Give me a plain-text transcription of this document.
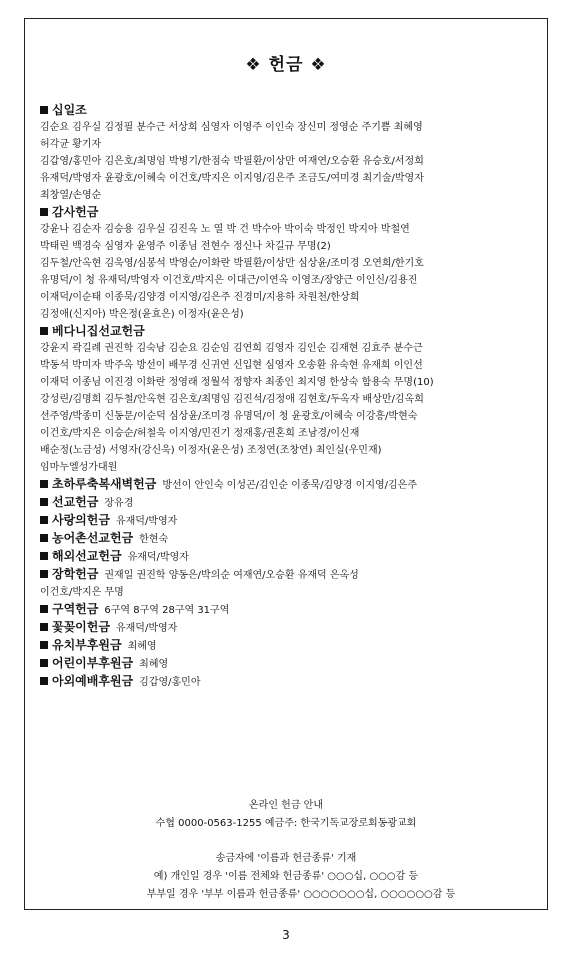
❖ 헌금 ❖
십일조
김순요 김우실 김정필 분수근 서상희 심영자 이영주 이인숙 장신미 정영순 주기쁨 최혜영
허각균 황기자
김갑영/홍민아 김은호/최명임 박병기/한점숙 박필환/이상만 여재연/오승환 유승호/서정희
유재덕/박영자 윤광호/이혜숙 이건호/박지은 이지영/김은주 조금도/여미경 최기술/박영자
최창열/손영순
감사헌금
강윤나 김순자 김승용 김우실 김진옥 노 열 박 건 박수아 박이숙 박정인 박지아 박철연
박태린 백경숙 심영자 윤영주 이종님 전현수 정신나 차길규 무명(2)
김두철/안옥현 김욱영/심봉석 박영순/이화란 박필환/이상만 심상윤/조미경 오연희/한기호
유명덕/이 청 유재덕/박영자 이건호/박지은 이대근/이연옥 이영조/장양근 이인신/김용진
이재덕/이순태 이종묵/김양경 이지영/김은주 진경미/지용하 차원천/한상희
김정애(신지아) 박은정(윤효은) 이정자(윤은성)
베다니집선교헌금
강윤지 곽길례 권진학 김숙남 김순요 김순임 김연희 김영자 김인순 김재현 김효주 분수근
박동석 박미자 박주옥 방선이 배무경 신귀연 신입현 심영자 오송환 유숙현 유재희 이인선
이재덕 이종님 이진경 이화란 정영래 정월석 정향자 최종인 최지영 한상숙 함용숙 무명(10)
강성린/김명희 김두철/안옥현 김은호/최명임 김진석/김정애 김현호/두옥자 배상만/김옥희
선주영/박종미 신동문/이순덕 심상윤/조미경 유명덕/이 청 윤광호/이혜숙 이강흥/박현숙
이건호/박지은 이승순/허철욱 이지영/민진기 정재홍/권혼희 조남경/이신재
배순정(노금성) 서영자(강신욱) 이정자(윤은성) 조정연(조창연) 최인실(우민재)
임마누엘성가대원
초하루축복새벽헌금 방선이 안인숙 이성곤/김인순 이종묵/김양경 이지영/김은주
선교헌금 장유경
사랑의헌금 유재덕/박영자
농어촌선교헌금 한현숙
해외선교헌금 유재덕/박영자
장학헌금 권재일 권진학 양동은/박의순 여재연/오승환 유재덕 은옥성
이건호/박지은 무명
구역헌금 6구역 8구역 28구역 31구역
꽃꽂이헌금 유재덕/박영자
유치부후원금 최혜영
어린이부후원금 최혜영
아외예배후원금 김갑영/홍민아
온라인 헌금 안내
수협 0000-0563-1255 예금주: 한국기독교장로회동광교회
송금자에 '이름과 헌금종류' 기재
예) 개인일 경우 '이름 전체와 헌금종류' ○○○십, ○○○감 등
부부일 경우 '부부 이름과 헌금종류' ○○○○○○○십, ○○○○○○감 등
3
